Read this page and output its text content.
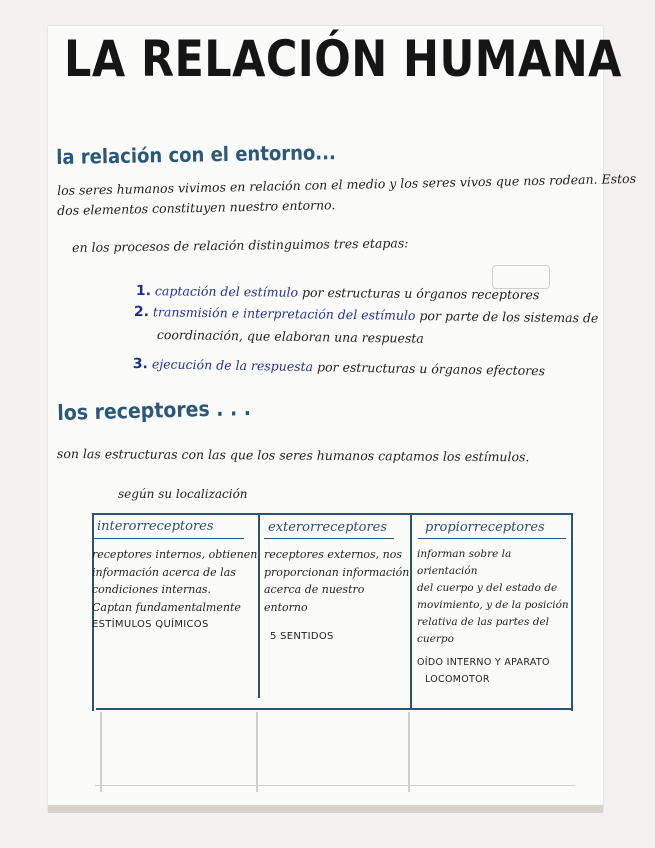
LA RELACIÓN HUMANA
la relación con el entorno...
los seres humanos vivimos en relación con el medio y los seres vivos que nos rodean. Estos
dos elementos constituyen nuestro entorno.
en los procesos de relación distinguimos tres etapas:
1. captación del estímulo por estructuras u órganos receptores
2. transmisión e interpretación del estímulo por parte de los sistemas de
coordinación, que elaboran una respuesta
3. ejecución de la respuesta por estructuras u órganos efectores
los receptores . . .
son las estructuras con las que los seres humanos captamos los estímulos.
según su localización
interorreceptores	exterorreceptores	propiorreceptores
receptores internos, obtienen
información acerca de las
condiciones internas.
Captan fundamentalmente
ESTÍMULOS QUÍMICOS
receptores externos, nos
proporcionan información
acerca de nuestro entorno
5 SENTIDOS
informan sobre la orientación
del cuerpo y del estado de
movimiento, y de la posición
relativa de las partes del
cuerpo
OÍDO INTERNO Y APARATO
LOCOMOTOR
